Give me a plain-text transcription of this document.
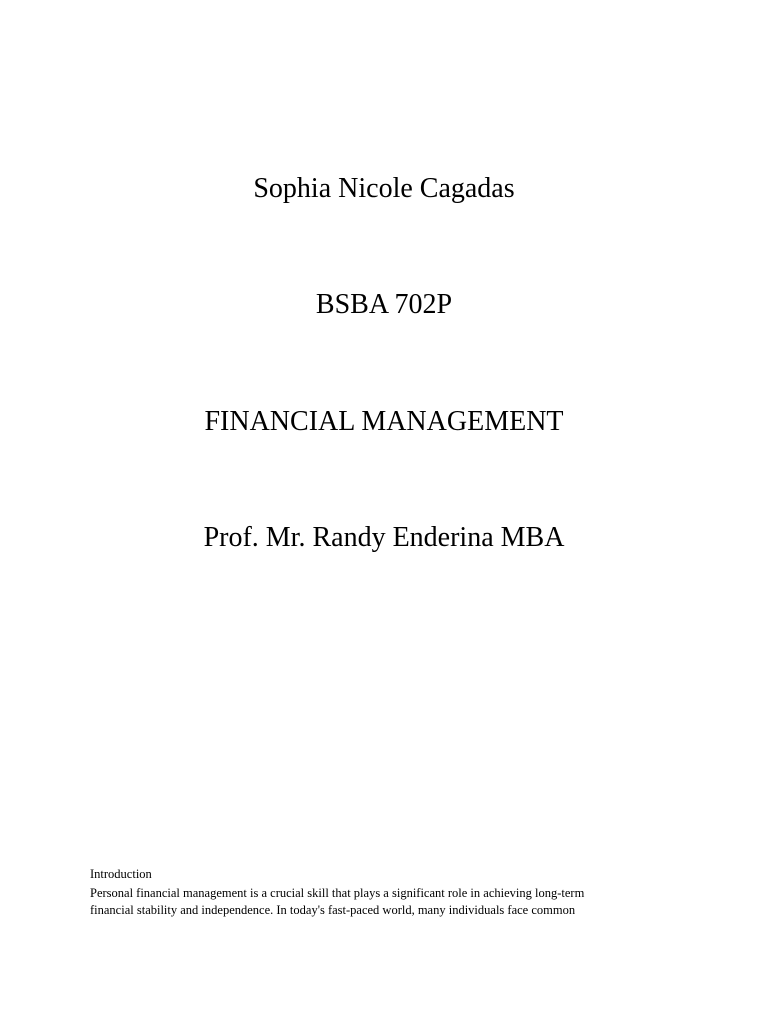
Sophia Nicole Cagadas
BSBA 702P
FINANCIAL MANAGEMENT
Prof. Mr. Randy Enderina MBA
Introduction
Personal financial management is a crucial skill that plays a significant role in achieving long-term
financial stability and independence. In today's fast-paced world, many individuals face common
